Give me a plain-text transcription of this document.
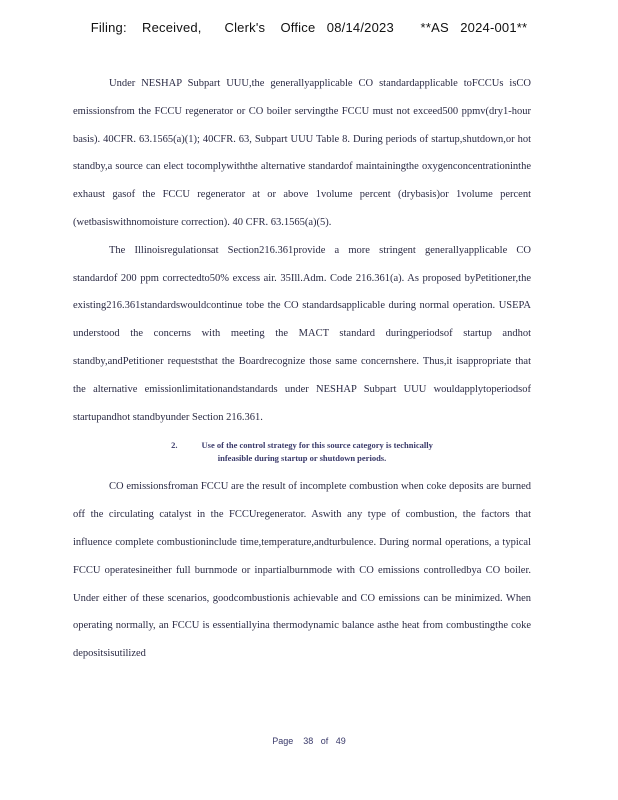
Filing:    Received,      Clerk's    Office   08/14/2023       **AS   2024-001**

Under NESHAP Subpart UUU,the generallyapplicable CO standardapplicable toFCCUs isCO emissionsfrom the FCCU regenerator or CO boiler servingthe FCCU must not exceed500 ppmv(dry1-hour basis). 40CFR. 63.1565(a)(1); 40CFR. 63, Subpart UUU Table 8. During periods of startup,shutdown,or hot standby,a source can elect tocomplywiththe alternative standardof maintainingthe oxygenconcentrationinthe exhaust gasof the FCCU regenerator at or above 1volume percent (drybasis)or 1volume percent (wetbasiswithnomoisture correction). 40 CFR. 63.1565(a)(5).

The Illinoisregulationsat Section216.361provide a more stringent generallyapplicable CO standardof 200 ppm correctedto50% excess air. 35Ill.Adm. Code 216.361(a). As proposed byPetitioner,the existing216.361standardswouldcontinue tobe the CO standardsapplicable during normal operation. USEPA understood the concerns with meeting the MACT standard duringperiodsof startup andhot standby,andPetitioner requeststhat the Boardrecognize those same concernshere. Thus,it isappropriate that the alternative emissionlimitationandstandards under NESHAP Subpart UUU wouldapplytoperiodsof startupandhot standbyunder Section 216.361.

2.	Use of the control strategy for this source category is technically
infeasible during startup or shutdown periods.

CO emissionsfroman FCCU are the result of incomplete combustion when coke deposits are burned off the circulating catalyst in the FCCUregenerator. Aswith any type of combustion, the factors that influence complete combustioninclude time,temperature,andturbulence. During normal operations, a typical FCCU operatesineither full burnmode or inpartialburnmode with CO emissions controlledbya CO boiler. Under either of these scenarios, goodcombustionis achievable and CO emissions can be minimized. When operating normally, an FCCU is essentiallyina thermodynamic balance asthe heat from combustingthe coke depositsisutilized

Page    38   of   49
